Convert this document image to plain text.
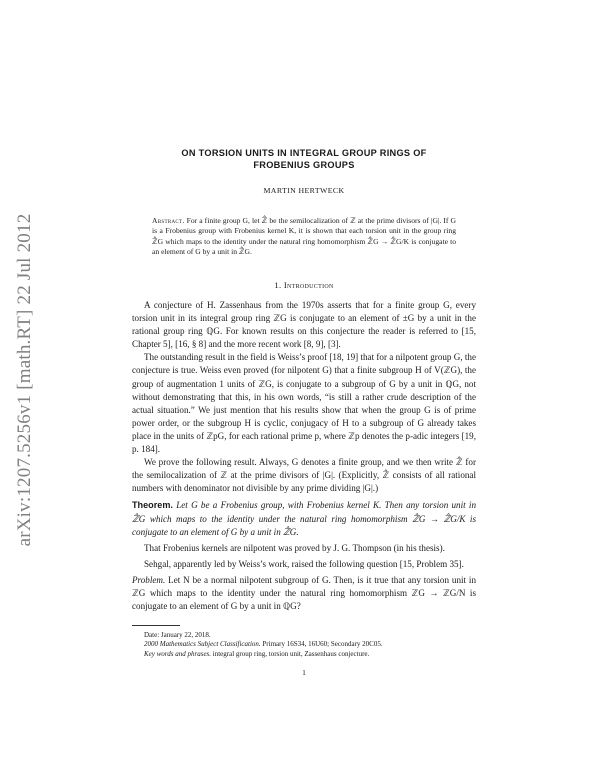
arXiv:1207.5256v1 [math.RT] 22 Jul 2012
ON TORSION UNITS IN INTEGRAL GROUP RINGS OF
FROBENIUS GROUPS
MARTIN HERTWECK
Abstract. For a finite group G, let ℤ̂ be the semilocalization of ℤ at the prime divisors of |G|. If G is a Frobenius group with Frobenius kernel K, it is shown that each torsion unit in the group ring ℤ̂G which maps to the identity under the natural ring homomorphism ℤ̂G → ℤ̂G/K is conjugate to an element of G by a unit in ℤ̂G.
1. Introduction

A conjecture of H. Zassenhaus from the 1970s asserts that for a finite group G, every torsion unit in its integral group ring ℤG is conjugate to an element of ±G by a unit in the rational group ring ℚG. For known results on this conjecture the reader is referred to [15, Chapter 5], [16, § 8] and the more recent work [8, 9], [3].

The outstanding result in the field is Weiss’s proof [18, 19] that for a nilpotent group G, the conjecture is true. Weiss even proved (for nilpotent G) that a finite subgroup H of V(ℤG), the group of augmentation 1 units of ℤG, is conjugate to a subgroup of G by a unit in ℚG, not without demonstrating that this, in his own words, “is still a rather crude description of the actual situation.” We just mention that his results show that when the group G is of prime power order, or the subgroup H is cyclic, conjugacy of H to a subgroup of G already takes place in the units of ℤpG, for each rational prime p, where ℤp denotes the p-adic integers [19, p. 184].

We prove the following result. Always, G denotes a finite group, and we then write ℤ̂ for the semilocalization of ℤ at the prime divisors of |G|. (Explicitly, ℤ̂ consists of all rational numbers with denominator not divisible by any prime dividing |G|.)

Theorem. Let G be a Frobenius group, with Frobenius kernel K. Then any torsion unit in ℤ̂G which maps to the identity under the natural ring homomorphism ℤ̂G → ℤ̂G/K is conjugate to an element of G by a unit in ℤ̂G.

That Frobenius kernels are nilpotent was proved by J. G. Thompson (in his thesis).

Sehgal, apparently led by Weiss’s work, raised the following question [15, Problem 35].

Problem. Let N be a normal nilpotent subgroup of G. Then, is it true that any torsion unit in ℤG which maps to the identity under the natural ring homomorphism ℤG → ℤG/N is conjugate to an element of G by a unit in ℚG?

Date: January 22, 2018.
2000 Mathematics Subject Classification. Primary 16S34, 16U60; Secondary 20C05.
Key words and phrases. integral group ring, torsion unit, Zassenhaus conjecture.
1
